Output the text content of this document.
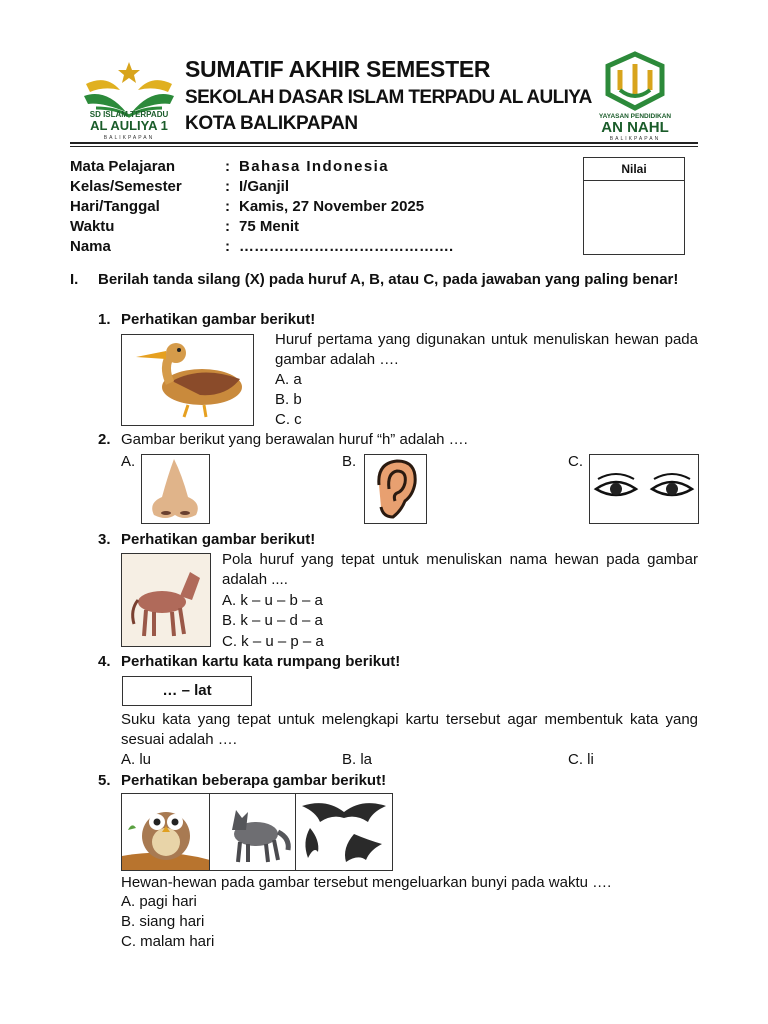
SD ISLAM TERPADU
AL AULIYA 1
BALIKPAPAN
SUMATIF AKHIR SEMESTER
SEKOLAH DASAR ISLAM TERPADU AL AULIYA
KOTA BALIKPAPAN	YAYASAN PENDIDIKAN
AN NAHL
BALIKPAPAN
Mata Pelajaran	: Bahasa Indonesia
Kelas/Semester	: I/Ganjil
Hari/Tanggal	: Kamis, 27 November 2025
Waktu	: 75 Menit
Nama	: …………………………………….
Nilai
I. Berilah tanda silang (X) pada huruf A, B, atau C, pada jawaban yang paling benar!
1. Perhatikan gambar berikut!
Huruf pertama yang digunakan untuk menuliskan hewan pada gambar adalah ….
A. a
B. b
C. c
2. Gambar berikut yang berawalan huruf “h” adalah ….
A.	B.	C.
3. Perhatikan gambar berikut!
Pola huruf yang tepat untuk menuliskan nama hewan pada gambar adalah ....
A. k – u – b – a
B. k – u – d – a
C. k – u – p – a
4. Perhatikan kartu kata rumpang berikut!
… – lat
Suku kata yang tepat untuk melengkapi kartu tersebut agar membentuk kata yang sesuai adalah ….
A. lu	B. la	C. li
5. Perhatikan beberapa gambar berikut!
Hewan-hewan pada gambar tersebut mengeluarkan bunyi pada waktu ….
A. pagi hari
B. siang hari
C. malam hari
